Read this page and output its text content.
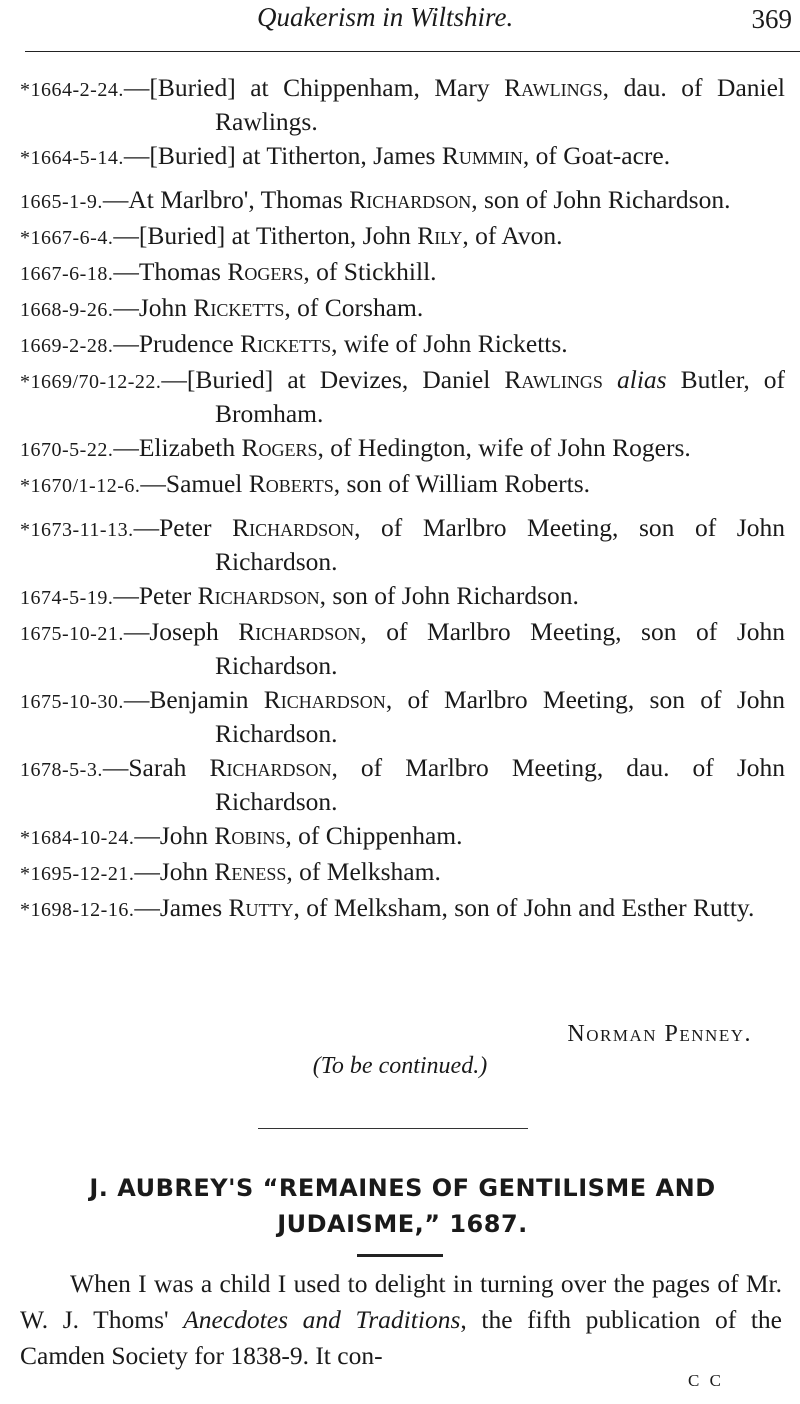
Quakerism in Wiltshire.	369
*1664-2-24.—[Buried] at Chippenham, Mary Rawlings, dau. of Daniel Rawlings.
*1664-5-14.—[Buried] at Titherton, James Rummin, of Goat-acre.
1665-1-9.—At Marlbro', Thomas Richardson, son of John Richardson.
*1667-6-4.—[Buried] at Titherton, John Rily, of Avon.
1667-6-18.—Thomas Rogers, of Stickhill.
1668-9-26.—John Ricketts, of Corsham.
1669-2-28.—Prudence Ricketts, wife of John Ricketts.
*1669/70-12-22.—[Buried] at Devizes, Daniel Rawlings alias Butler, of Bromham.
1670-5-22.—Elizabeth Rogers, of Hedington, wife of John Rogers.
*1670/1-12-6.—Samuel Roberts, son of William Roberts.
*1673-11-13.—Peter Richardson, of Marlbro Meeting, son of John Richardson.
1674-5-19.—Peter Richardson, son of John Richardson.
1675-10-21.—Joseph Richardson, of Marlbro Meeting, son of John Richardson.
1675-10-30.—Benjamin Richardson, of Marlbro Meeting, son of John Richardson.
1678-5-3.—Sarah Richardson, of Marlbro Meeting, dau. of John Richardson.
*1684-10-24.—John Robins, of Chippenham.
*1695-12-21.—John Reness, of Melksham.
*1698-12-16.—James Rutty, of Melksham, son of John and Esther Rutty.
Norman Penney.
(To be continued.)
J. AUBREY'S “REMAINES OF GENTILISME AND JUDAISME,” 1687.

When I was a child I used to delight in turning over the pages of Mr. W. J. Thoms' Anecdotes and Traditions, the fifth publication of the Camden Society for 1838-9. It con-

C C
